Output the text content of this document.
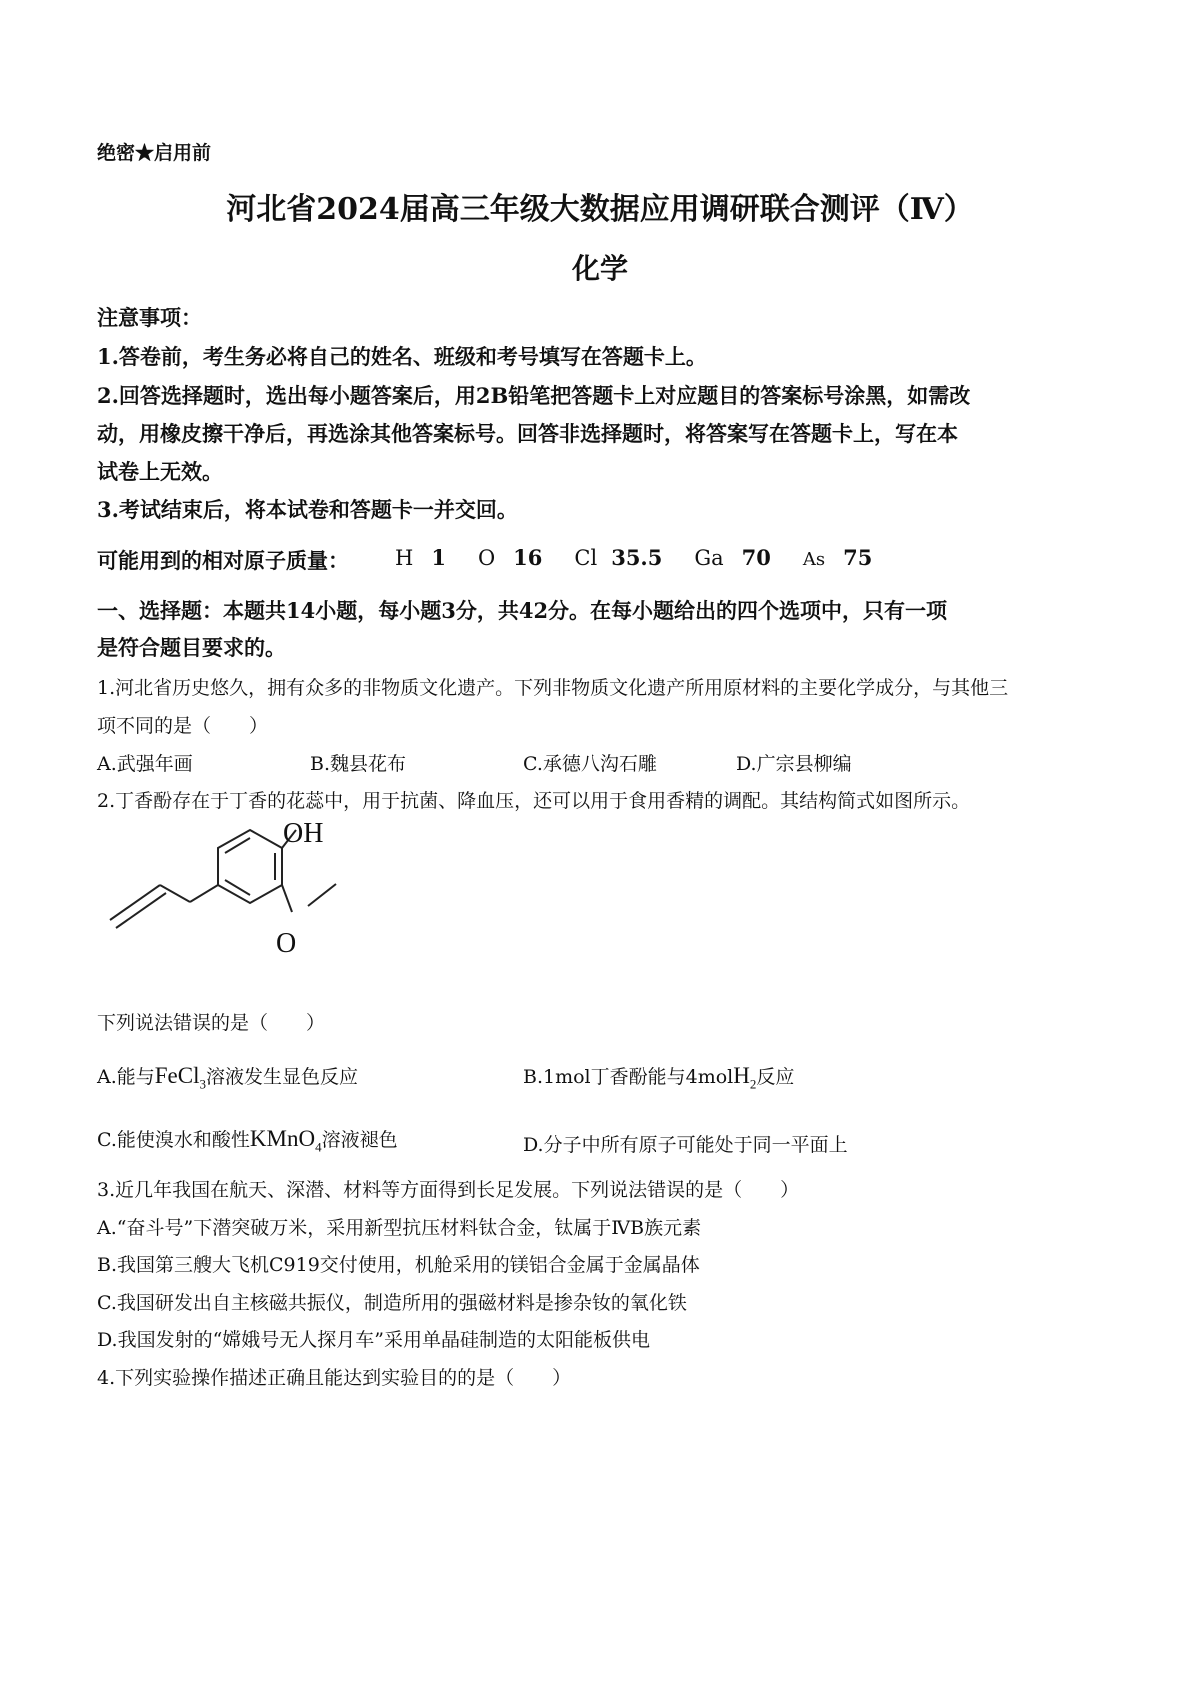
绝密★启用前
河北省2024届高三年级大数据应用调研联合测评（Ⅳ）
化学
注意事项：
1.答卷前，考生务必将自己的姓名、班级和考号填写在答题卡上。
2.回答选择题时，选出每小题答案后，用2B铅笔把答题卡上对应题目的答案标号涂黑，如需改
动，用橡皮擦干净后，再选涂其他答案标号。回答非选择题时，将答案写在答题卡上，写在本
试卷上无效。
3.考试结束后，将本试卷和答题卡一并交回。
可能用到的相对原子质量： H 1 O 16 Cl 35.5 Ga 70 As 75
一、选择题：本题共14小题，每小题3分，共42分。在每小题给出的四个选项中，只有一项
是符合题目要求的。
1.河北省历史悠久，拥有众多的非物质文化遗产。下列非物质文化遗产所用原材料的主要化学成分，与其他三
项不同的是（　　）
A.武强年画	B.魏县花布	C.承德八沟石雕	D.广宗县柳编
2.丁香酚存在于丁香的花蕊中，用于抗菌、降血压，还可以用于食用香精的调配。其结构简式如图所示。
OH
O
下列说法错误的是（　　）
A.能与FeCl$_3$溶液发生显色反应	B.1mol丁香酚能与4molH$_2$反应
C.能使溴水和酸性KMnO$_4$溶液褪色	D.分子中所有原子可能处于同一平面上
3.近几年我国在航天、深潜、材料等方面得到长足发展。下列说法错误的是（　　）
A.“奋斗号”下潜突破万米，采用新型抗压材料钛合金，钛属于ⅣB族元素
B.我国第三艘大飞机C919交付使用，机舱采用的镁铝合金属于金属晶体
C.我国研发出自主核磁共振仪，制造所用的强磁材料是掺杂钕的氧化铁
D.我国发射的“嫦娥号无人探月车”采用单晶硅制造的太阳能板供电
4.下列实验操作描述正确且能达到实验目的的是（　　）
